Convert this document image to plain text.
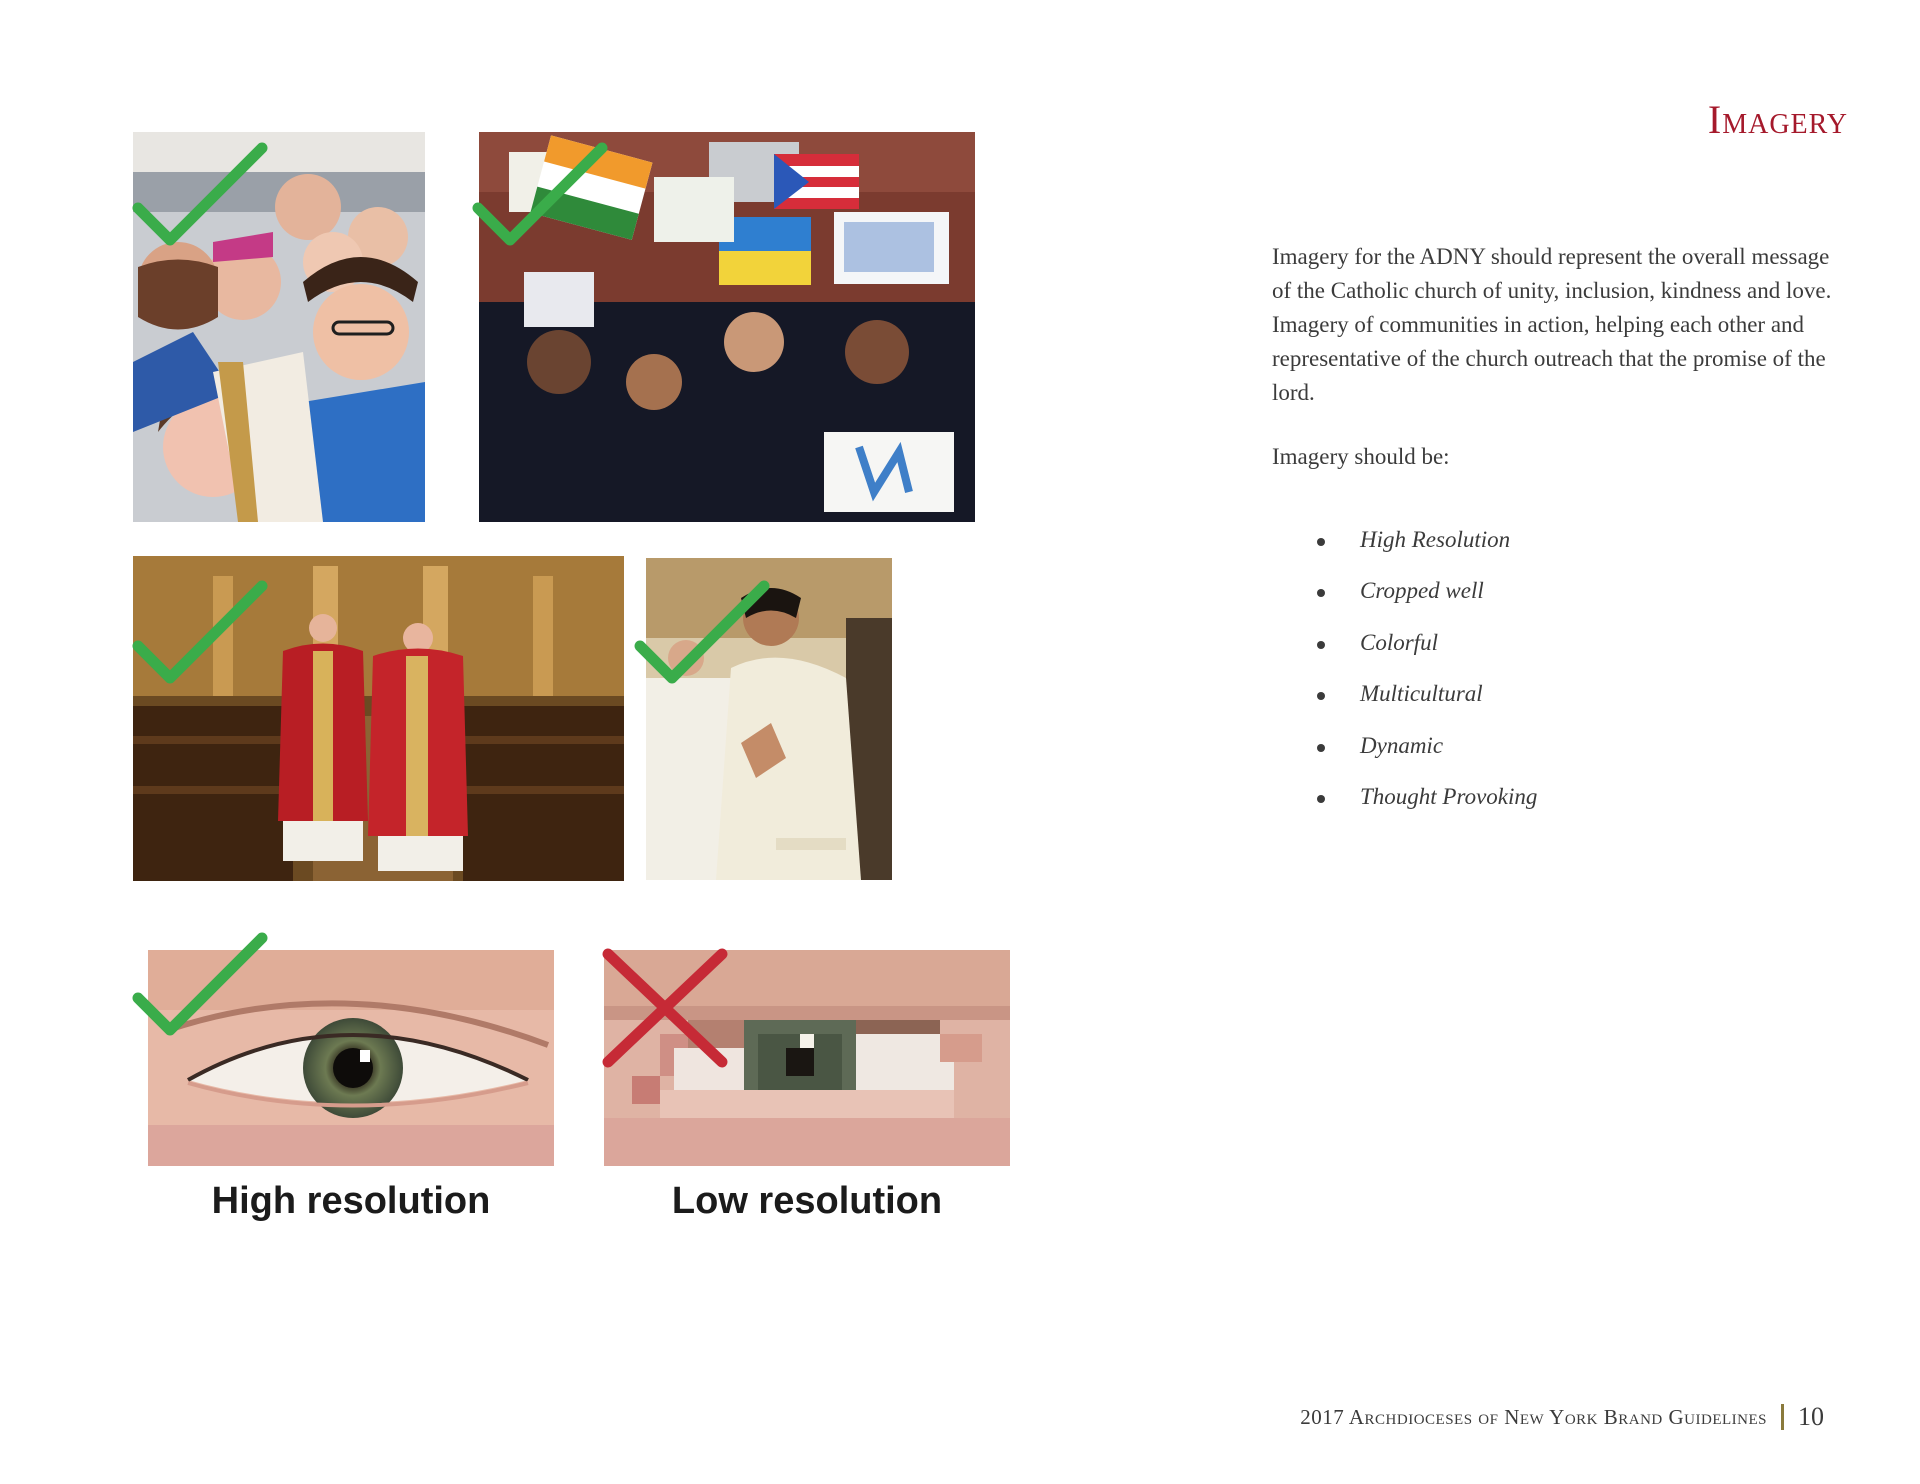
High resolution	Low resolution

Imagery

Imagery for the ADNY should represent the overall message of the Catholic church of unity, inclusion, kindness and love. Imagery of communities in action, helping each other and representative of the church outreach that the promise of the lord.

Imagery should be:

High Resolution
Cropped well
Colorful
Multicultural
Dynamic
Thought Provoking
2017 Archdioceses of New York Brand Guidelines 10
